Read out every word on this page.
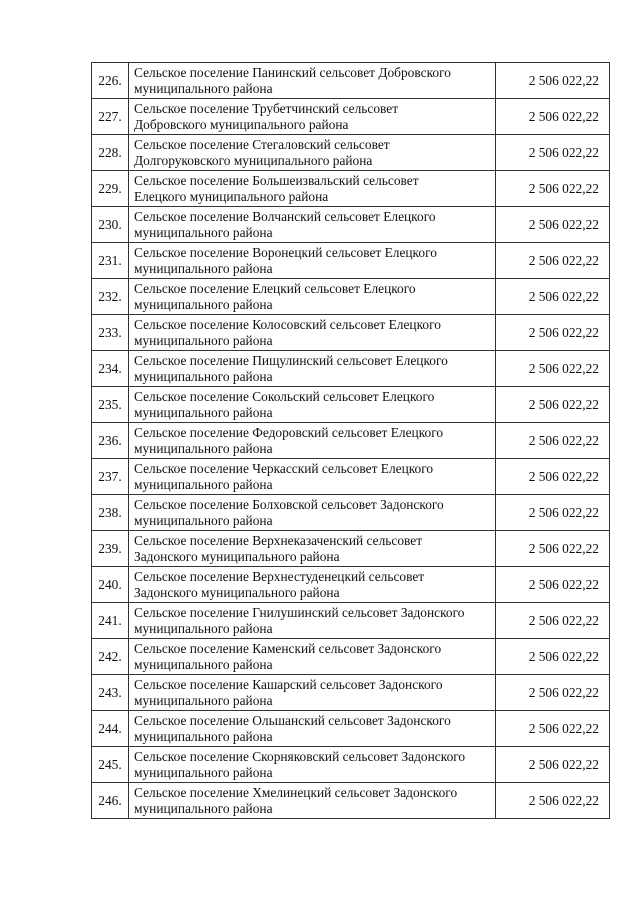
226.	Сельское поселение Панинский сельсовет Добровского
муниципального района	2 506 022,22
227.	Сельское поселение Трубетчинский сельсовет
Добровского муниципального района	2 506 022,22
228.	Сельское поселение Стегаловский сельсовет
Долгоруковского муниципального района	2 506 022,22
229.	Сельское поселение Большеизвальский сельсовет
Елецкого муниципального района	2 506 022,22
230.	Сельское поселение Волчанский сельсовет Елецкого
муниципального района	2 506 022,22
231.	Сельское поселение Воронецкий сельсовет Елецкого
муниципального района	2 506 022,22
232.	Сельское поселение Елецкий сельсовет Елецкого
муниципального района	2 506 022,22
233.	Сельское поселение Колосовский сельсовет Елецкого
муниципального района	2 506 022,22
234.	Сельское поселение Пищулинский сельсовет Елецкого
муниципального района	2 506 022,22
235.	Сельское поселение Сокольский сельсовет Елецкого
муниципального района	2 506 022,22
236.	Сельское поселение Федоровский сельсовет Елецкого
муниципального района	2 506 022,22
237.	Сельское поселение Черкасский сельсовет Елецкого
муниципального района	2 506 022,22
238.	Сельское поселение Болховской сельсовет Задонского
муниципального района	2 506 022,22
239.	Сельское поселение Верхнеказаченский сельсовет
Задонского муниципального района	2 506 022,22
240.	Сельское поселение Верхнестуденецкий сельсовет
Задонского муниципального района	2 506 022,22
241.	Сельское поселение Гнилушинский сельсовет Задонского
муниципального района	2 506 022,22
242.	Сельское поселение Каменский сельсовет Задонского
муниципального района	2 506 022,22
243.	Сельское поселение Кашарский сельсовет Задонского
муниципального района	2 506 022,22
244.	Сельское поселение Ольшанский сельсовет Задонского
муниципального района	2 506 022,22
245.	Сельское поселение Скорняковский сельсовет Задонского
муниципального района	2 506 022,22
246.	Сельское поселение Хмелинецкий сельсовет Задонского
муниципального района	2 506 022,22
